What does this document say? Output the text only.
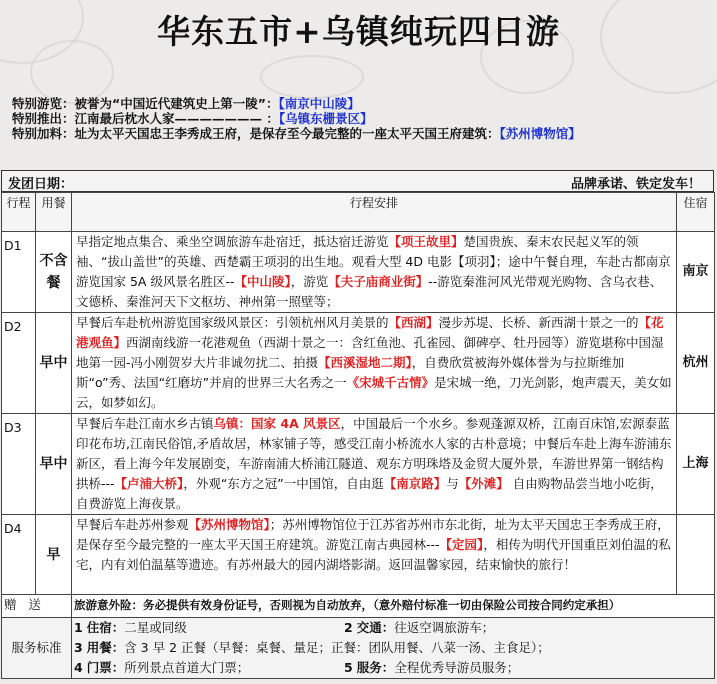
华东五市+乌镇纯玩四日游
特别游览：被誉为“中国近代建筑史上第一陵”：【南京中山陵】
特别推出：江南最后枕水人家——————— ：【乌镇东栅景区】
特别加料：址为太平天国忠王李秀成王府，是保存至今最完整的一座太平天国王府建筑：【苏州博物馆】
发团日期：	品牌承诺、铁定发车！
行程	用餐	行程安排	住宿
D1	不含餐	早指定地点集合、乘坐空调旅游车赴宿迁，抵达宿迁游览【项王故里】楚国贵族、秦末农民起义军的领袖、“拔山盖世”的英雄、西楚霸王项羽的出生地。观看大型 4D 电影【项羽】；途中午餐自理，车赴古都南京游览国家 5A 级风景名胜区--【中山陵】，游览【夫子庙商业街】--游览秦淮河风光带观光购物、含乌衣巷、文德桥、秦淮河天下文枢坊、神州第一照壁等；	南京
D2	早中	早餐后车赴杭州游览国家级风景区：引领杭州风月美景的【西湖】漫步苏堤、长桥、新西湖十景之一的【花港观鱼】西湖南线游一花港观鱼（西湖十景之一：含红鱼池、孔雀园、御碑亭、牡丹园等）游览堪称中国湿地第一园-冯小刚贺岁大片非诚勿扰二、拍摄【西溪湿地二期】，自费欣赏被海外媒体誉为与拉斯维加斯“o”秀、法国“红磨坊”并肩的世界三大名秀之一《宋城千古情》是宋城一绝，刀光剑影，炮声震天，美女如云，如梦如幻。	杭州
D3	早中	早餐后车赴江南水乡古镇乌镇：国家 4A 风景区，中国最后一个水乡。参观蓬源双桥，江南百床馆,宏源泰蓝印花布坊,江南民俗馆,矛盾故居，林家铺子等，感受江南小桥流水人家的古朴意境；中餐后车赴上海车游浦东新区，看上海今年发展剧变，车游南浦大桥浦江隧道、观东方明珠塔及金贸大厦外景，车游世界第一钢结构拱桥---【卢浦大桥】，外观“东方之冠”一中国馆，自由逛【南京路】与【外滩】 自由购物品尝当地小吃街，自费游览上海夜景。	上海
D4	早	早餐后车赴苏州参观【苏州博物馆】；苏州博物馆位于江苏省苏州市东北街，址为太平天国忠王李秀成王府，是保存至今最完整的一座太平天国王府建筑。游览江南古典园林---【定园】，相传为明代开国重臣刘伯温的私宅，内有刘伯温墓等遗迹。有苏州最大的园内湖塔影湖。返回温馨家园，结束愉快的旅行！	
赠   送		旅游意外险：务必提供有效身份证号，否则视为自动放弃，（意外赔付标准一切由保险公司按合同约定承担）	
服务标准		1 住宿：二星或同级 2 交通：往返空调旅游车；
3 用餐：含 3 早 2 正餐（早餐：桌餐、量足；正餐：团队用餐、八菜一汤、主食足）；
4 门票：所列景点首道大门票； 5 服务：全程优秀导游员服务；	
